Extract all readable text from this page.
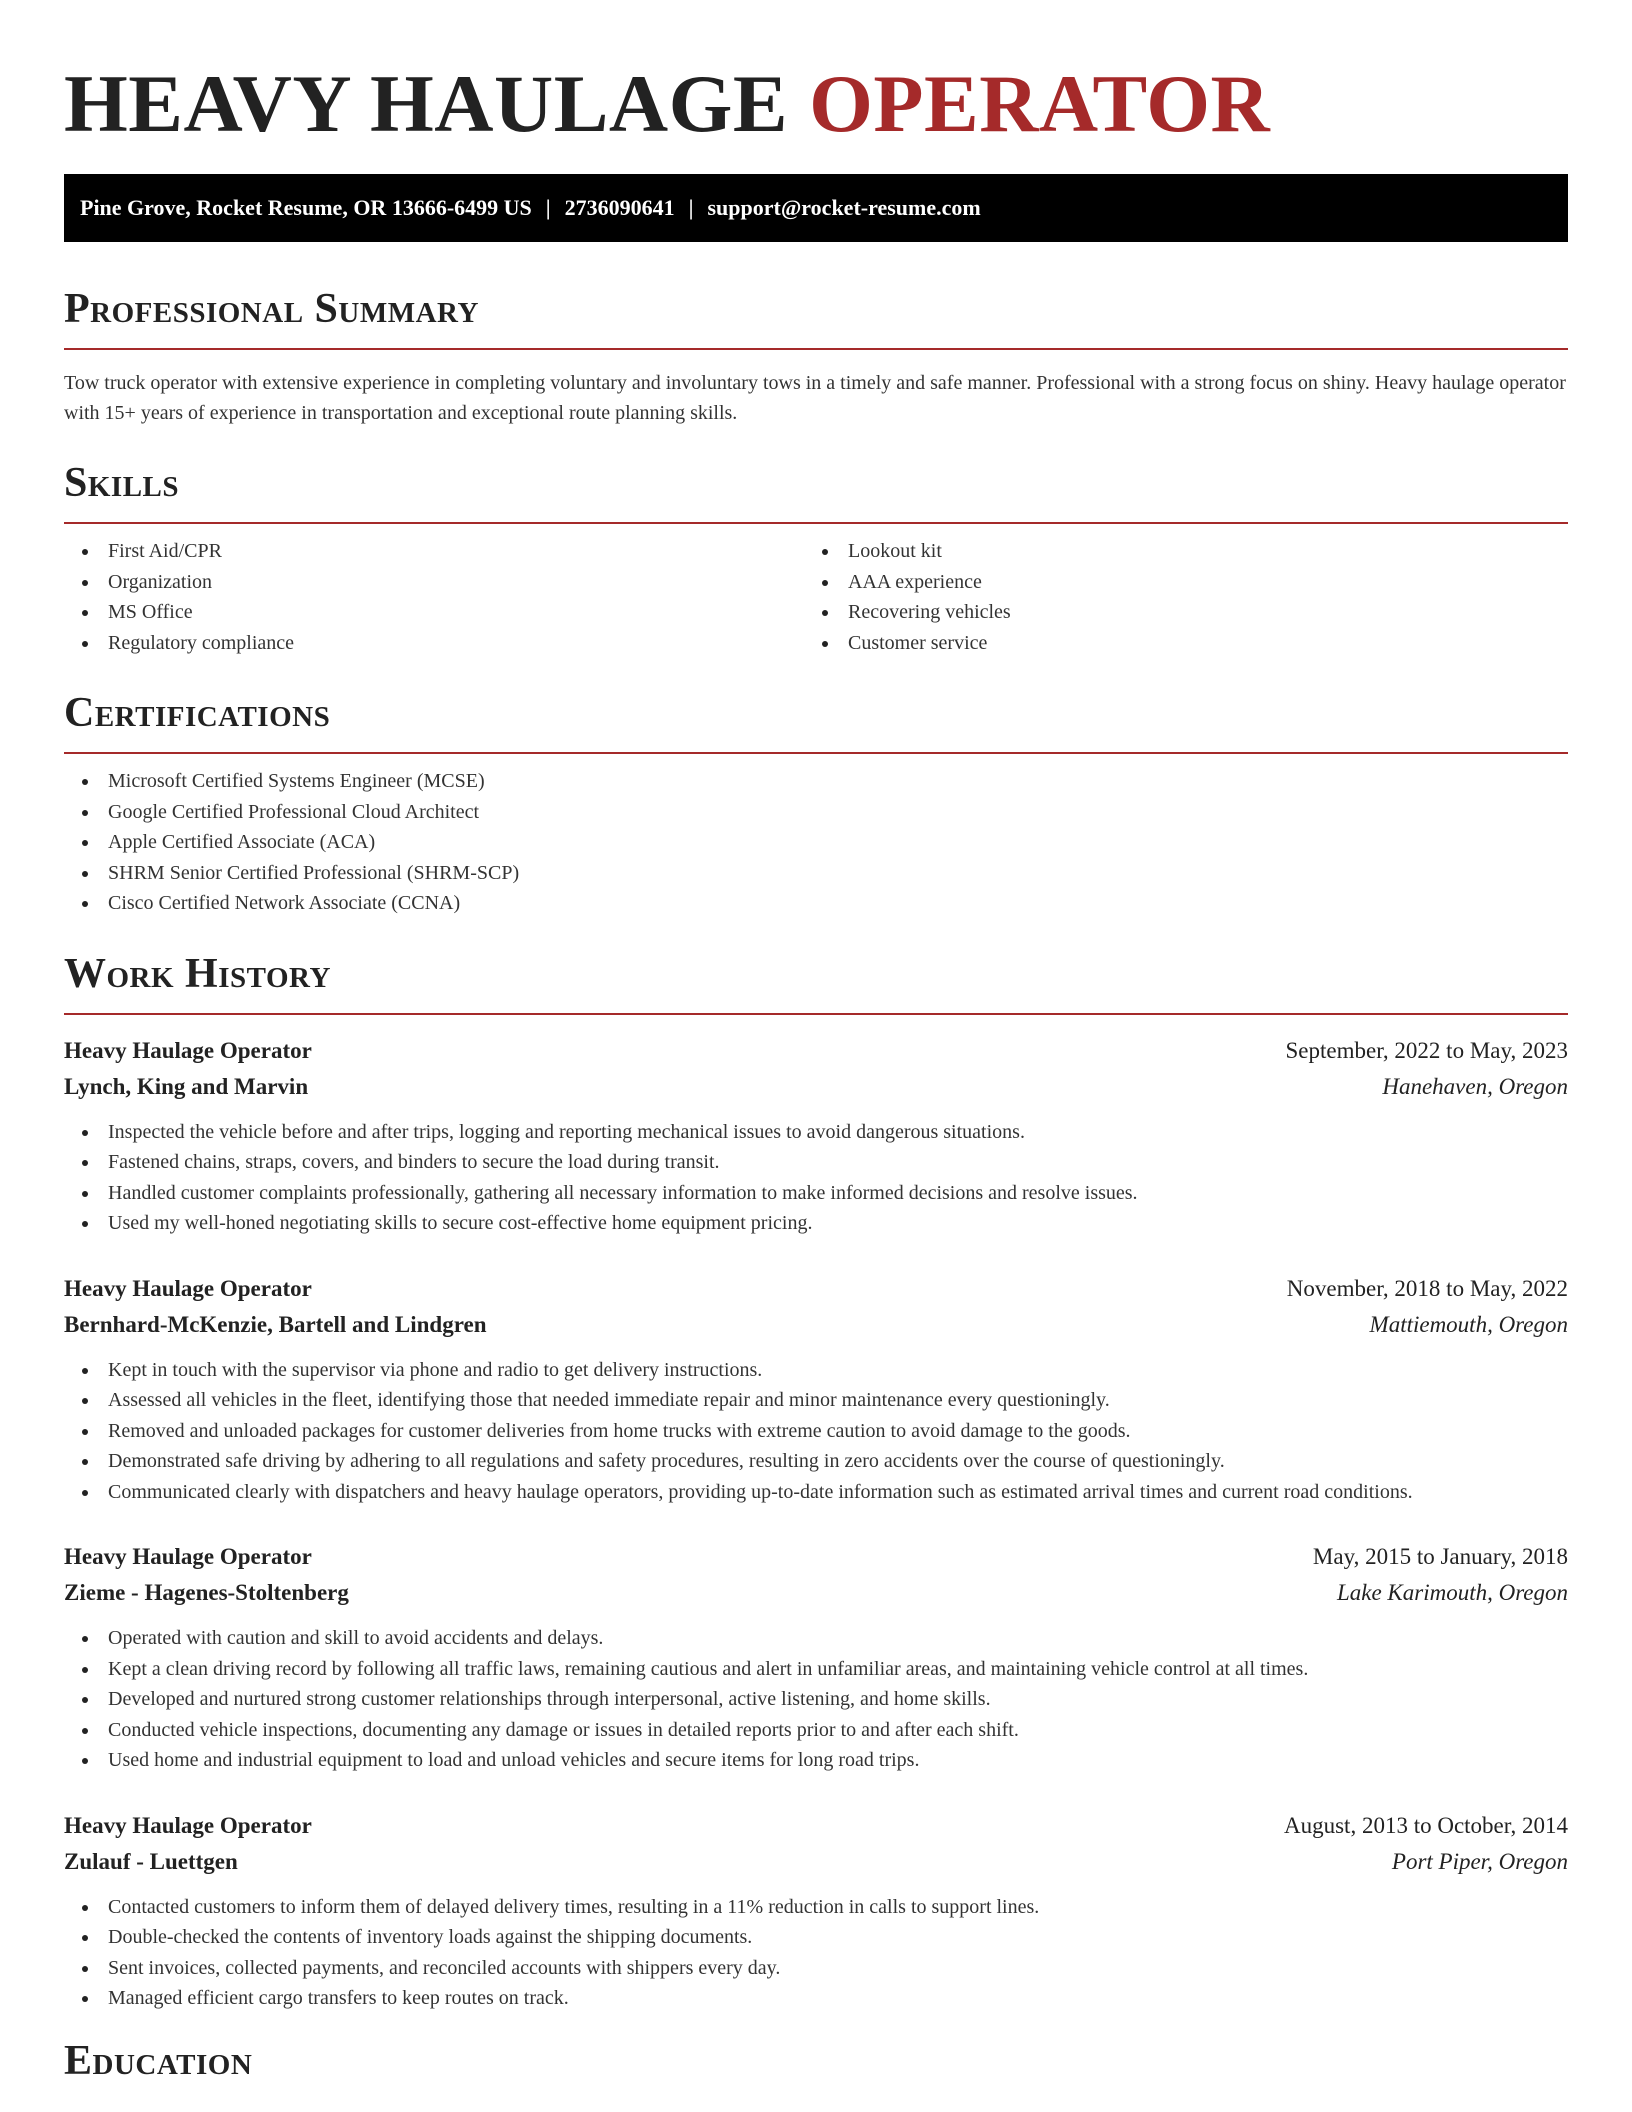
HEAVY HAULAGE OPERATOR
Pine Grove, Rocket Resume, OR 13666-6499 US | 2736090641 | support@rocket-resume.com
Professional Summary

Tow truck operator with extensive experience in completing voluntary and involuntary tows in a timely and safe manner. Professional with a strong focus on shiny. Heavy haulage operator with 15+ years of experience in transportation and exceptional route planning skills.

Skills
First Aid/CPR
Organization
MS Office
Regulatory compliance
Lookout kit
AAA experience
Recovering vehicles
Customer service
Certifications
Microsoft Certified Systems Engineer (MCSE)
Google Certified Professional Cloud Architect
Apple Certified Associate (ACA)
SHRM Senior Certified Professional (SHRM-SCP)
Cisco Certified Network Associate (CCNA)
Work History
Heavy Haulage Operator	September, 2022 to May, 2023
Lynch, King and Marvin	Hanehaven, Oregon
Inspected the vehicle before and after trips, logging and reporting mechanical issues to avoid dangerous situations.
Fastened chains, straps, covers, and binders to secure the load during transit.
Handled customer complaints professionally, gathering all necessary information to make informed decisions and resolve issues.
Used my well-honed negotiating skills to secure cost-effective home equipment pricing.
Heavy Haulage Operator	November, 2018 to May, 2022
Bernhard-McKenzie, Bartell and Lindgren	Mattiemouth, Oregon
Kept in touch with the supervisor via phone and radio to get delivery instructions.
Assessed all vehicles in the fleet, identifying those that needed immediate repair and minor maintenance every questioningly.
Removed and unloaded packages for customer deliveries from home trucks with extreme caution to avoid damage to the goods.
Demonstrated safe driving by adhering to all regulations and safety procedures, resulting in zero accidents over the course of questioningly.
Communicated clearly with dispatchers and heavy haulage operators, providing up-to-date information such as estimated arrival times and current road conditions.
Heavy Haulage Operator	May, 2015 to January, 2018
Zieme - Hagenes-Stoltenberg	Lake Karimouth, Oregon
Operated with caution and skill to avoid accidents and delays.
Kept a clean driving record by following all traffic laws, remaining cautious and alert in unfamiliar areas, and maintaining vehicle control at all times.
Developed and nurtured strong customer relationships through interpersonal, active listening, and home skills.
Conducted vehicle inspections, documenting any damage or issues in detailed reports prior to and after each shift.
Used home and industrial equipment to load and unload vehicles and secure items for long road trips.
Heavy Haulage Operator	August, 2013 to October, 2014
Zulauf - Luettgen	Port Piper, Oregon
Contacted customers to inform them of delayed delivery times, resulting in a 11% reduction in calls to support lines.
Double-checked the contents of inventory loads against the shipping documents.
Sent invoices, collected payments, and reconciled accounts with shippers every day.
Managed efficient cargo transfers to keep routes on track.
Education
